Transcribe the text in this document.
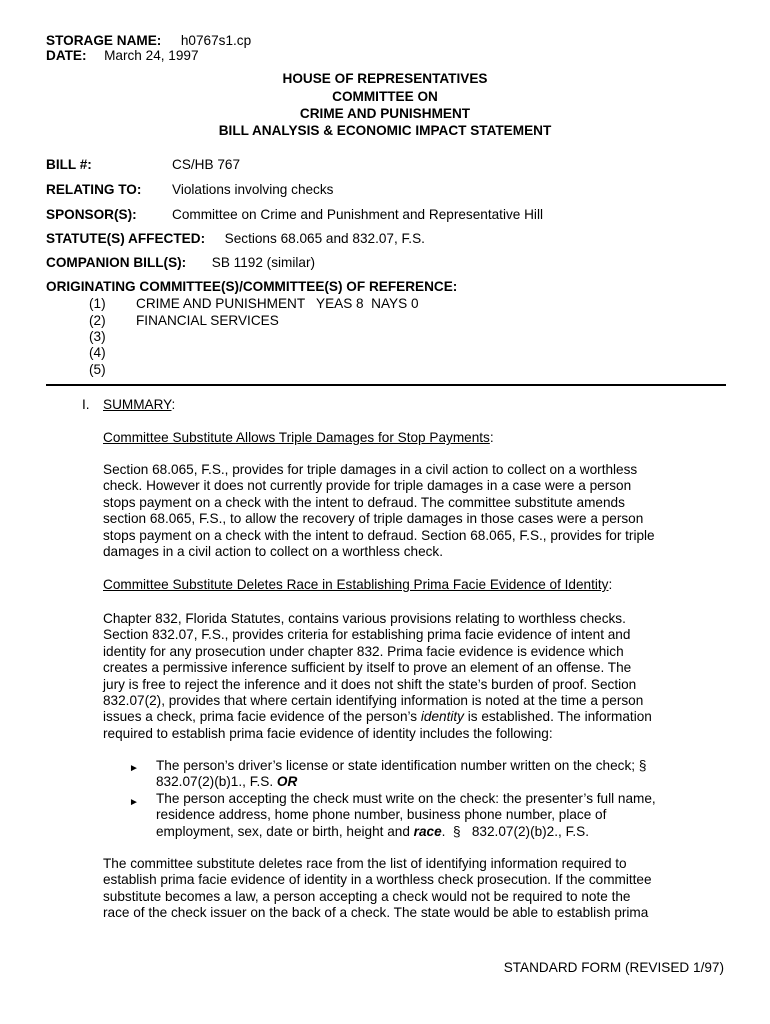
STORAGE NAME: h0767s1.cp
DATE: March 24, 1997
HOUSE OF REPRESENTATIVES
COMMITTEE ON
CRIME AND PUNISHMENT
BILL ANALYSIS & ECONOMIC IMPACT STATEMENT
BILL #:	CS/HB 767
RELATING TO: Violations involving checks
SPONSOR(S):	Committee on Crime and Punishment and Representative Hill
STATUTE(S) AFFECTED: Sections 68.065 and 832.07, F.S.
COMPANION BILL(S): SB 1192 (similar)
ORIGINATING COMMITTEE(S)/COMMITTEE(S) OF REFERENCE:
(1) CRIME AND PUNISHMENT   YEAS 8  NAYS 0
(2) FINANCIAL SERVICES
(3)
(4)
(5)
I. SUMMARY:
Committee Substitute Allows Triple Damages for Stop Payments:
Section 68.065, F.S., provides for triple damages in a civil action to collect on a worthless
check. However it does not currently provide for triple damages in a case were a person
stops payment on a check with the intent to defraud. The committee substitute amends
section 68.065, F.S., to allow the recovery of triple damages in those cases were a person
stops payment on a check with the intent to defraud. Section 68.065, F.S., provides for triple
damages in a civil action to collect on a worthless check.
Committee Substitute Deletes Race in Establishing Prima Facie Evidence of Identity:
Chapter 832, Florida Statutes, contains various provisions relating to worthless checks.
Section 832.07, F.S., provides criteria for establishing prima facie evidence of intent and
identity for any prosecution under chapter 832. Prima facie evidence is evidence which
creates a permissive inference sufficient by itself to prove an element of an offense. The
jury is free to reject the inference and it does not shift the state’s burden of proof. Section
832.07(2), provides that where certain identifying information is noted at the time a person
issues a check, prima facie evidence of the person’s identity is established. The information
required to establish prima facie evidence of identity includes the following:
► The person’s driver’s license or state identification number written on the check; §
832.07(2)(b)1., F.S. OR
► The person accepting the check must write on the check: the presenter’s full name,
residence address, home phone number, business phone number, place of
employment, sex, date or birth, height and race.  §   832.07(2)(b)2., F.S.
The committee substitute deletes race from the list of identifying information required to
establish prima facie evidence of identity in a worthless check prosecution. If the committee
substitute becomes a law, a person accepting a check would not be required to note the
race of the check issuer on the back of a check. The state would be able to establish prima
STANDARD FORM (REVISED 1/97)
